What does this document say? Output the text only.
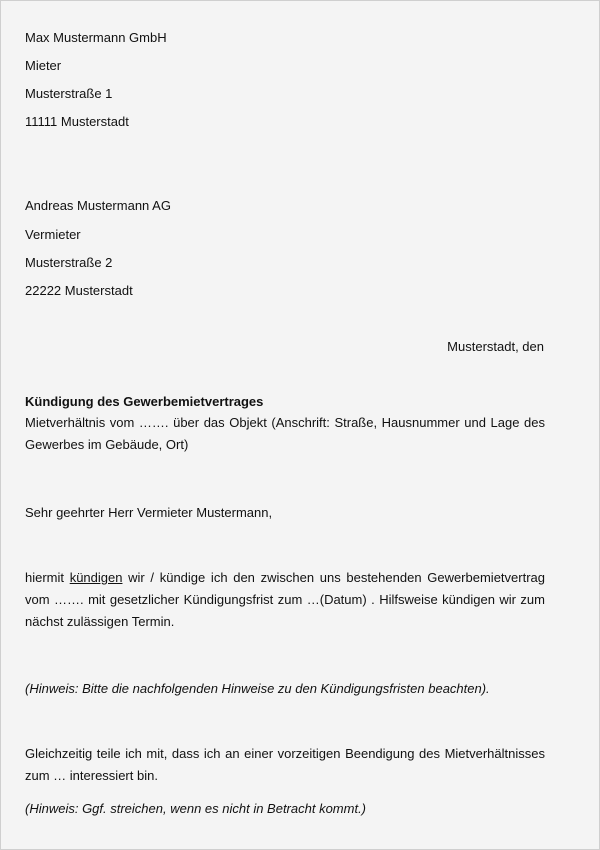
Max Mustermann GmbH
Mieter
Musterstraße 1
11111 Musterstadt
Andreas Mustermann AG
Vermieter
Musterstraße 2
22222 Musterstadt
Musterstadt, den
Kündigung des Gewerbemietvertrages
Mietverhältnis vom ……. über das Objekt (Anschrift: Straße, Hausnummer und Lage des Gewerbes im Gebäude, Ort)
Sehr geehrter Herr Vermieter Mustermann,
hiermit kündigen wir / kündige ich den zwischen uns bestehenden Gewerbemietvertrag vom ……. mit gesetzlicher Kündigungsfrist zum …(Datum) . Hilfsweise kündigen wir zum nächst zulässigen Termin.
(Hinweis: Bitte die nachfolgenden Hinweise zu den Kündigungsfristen beachten).
Gleichzeitig teile ich mit, dass ich an einer vorzeitigen Beendigung des Mietverhältnisses zum … interessiert bin.
(Hinweis: Ggf. streichen, wenn es nicht in Betracht kommt.)
